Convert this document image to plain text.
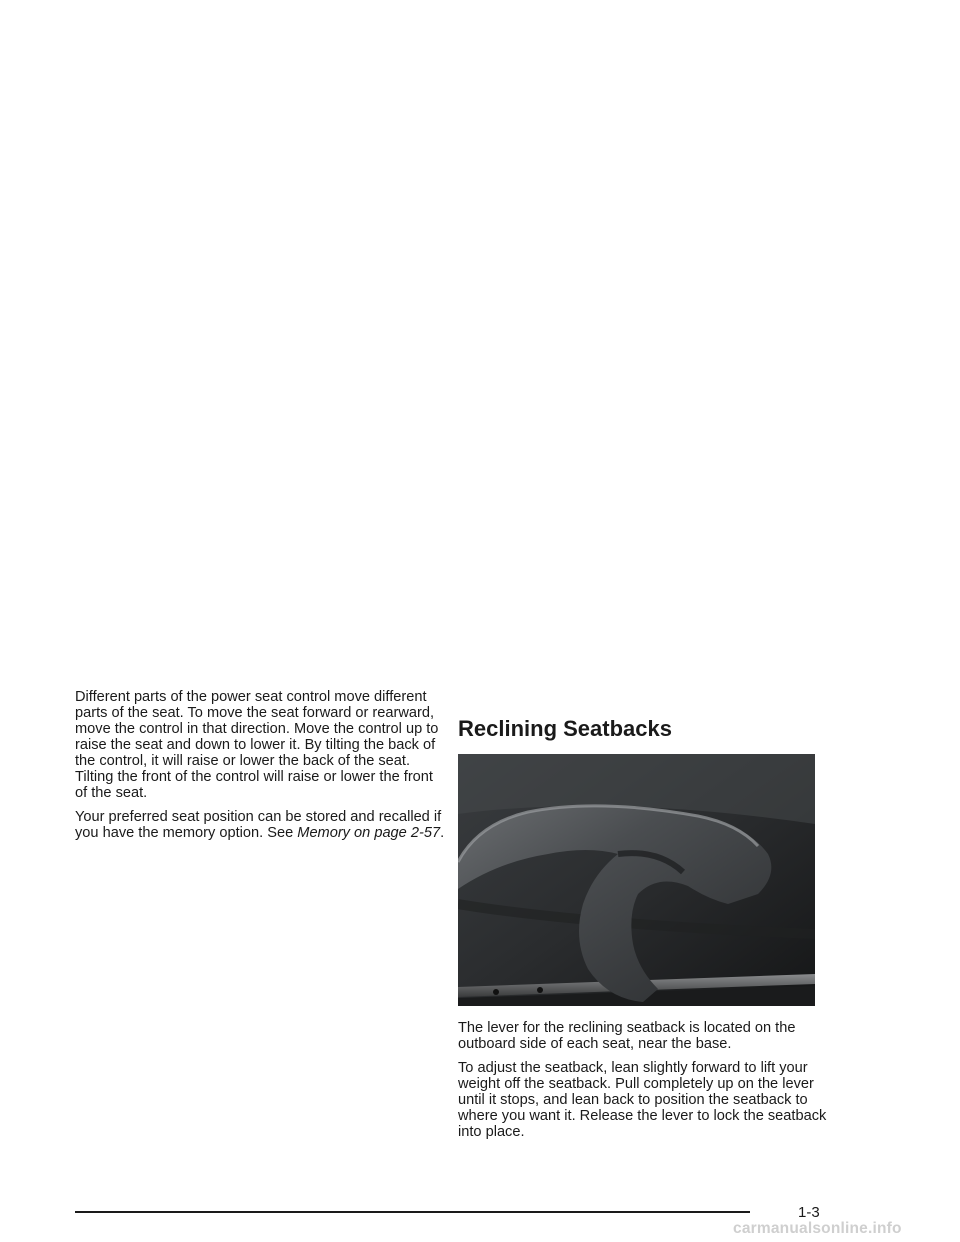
Different parts of the power seat control move different parts of the seat. To move the seat forward or rearward, move the control in that direction. Move the control up to raise the seat and down to lower it. By tilting the back of the control, it will raise or lower the back of the seat. Tilting the front of the control will raise or lower the front of the seat.

Your preferred seat position can be stored and recalled if you have the memory option. See Memory on page 2-57.

Reclining Seatbacks

The lever for the reclining seatback is located on the outboard side of each seat, near the base.

To adjust the seatback, lean slightly forward to lift your weight off the seatback. Pull completely up on the lever until it stops, and lean back to position the seatback to where you want it. Release the lever to lock the seatback into place.

1-3
carmanualsonline.info
